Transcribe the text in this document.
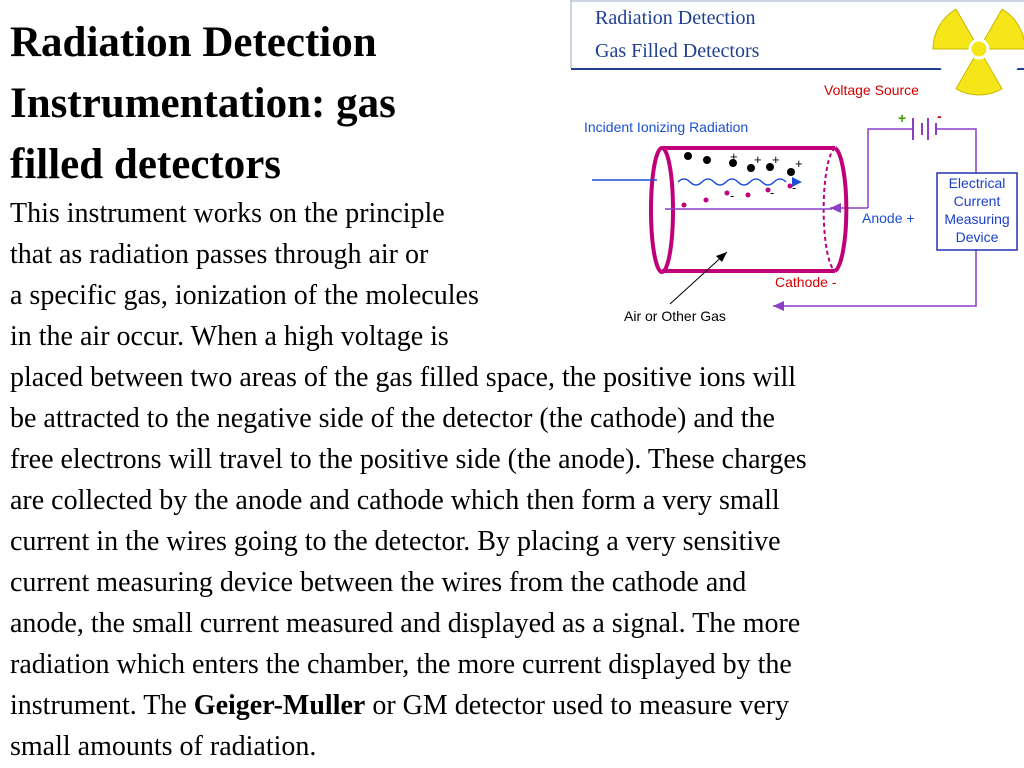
Radiation Detection
Instrumentation: gas
filled detectors
This instrument works on the principle
that as radiation passes through air or
a specific gas, ionization of the molecules
in the air occur. When a high voltage is
placed between two areas of the gas filled space, the positive ions will
be attracted to the negative side of the detector (the cathode) and the
free electrons will travel to the positive side (the anode). These charges
are collected by the anode and cathode which then form a very small
current in the wires going to the detector. By placing a very sensitive
current measuring device between the wires from the cathode and
anode, the small current measured and displayed as a signal. The more
radiation which enters the chamber, the more current displayed by the
instrument. The Geiger-Muller or GM detector used to measure very
small amounts of radiation.
Radiation Detection
Gas Filled Detectors
Voltage Source
+ -
Electrical
Current
Measuring
Device
Incident Ionizing Radiation
Anode +
Cathode -
Air or Other Gas
+ + + +
-	- -
